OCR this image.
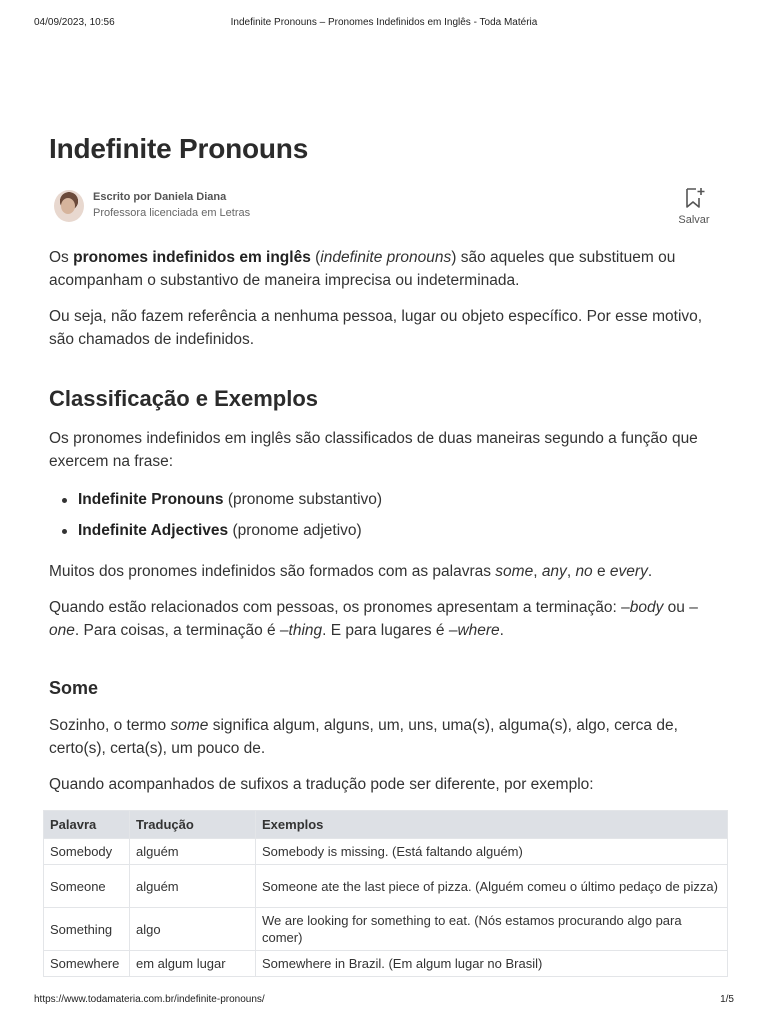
04/09/2023, 10:56	Indefinite Pronouns – Pronomes Indefinidos em Inglês - Toda Matéria
Indefinite Pronouns
Escrito por Daniela Diana
Professora licenciada em Letras
Salvar

Os pronomes indefinidos em inglês (indefinite pronouns) são aqueles que substituem ou acompanham o substantivo de maneira imprecisa ou indeterminada.

Ou seja, não fazem referência a nenhuma pessoa, lugar ou objeto específico. Por esse motivo, são chamados de indefinidos.

Classificação e Exemplos

Os pronomes indefinidos em inglês são classificados de duas maneiras segundo a função que exercem na frase:

Indefinite Pronouns (pronome substantivo)
Indefinite Adjectives (pronome adjetivo)

Muitos dos pronomes indefinidos são formados com as palavras some, any, no e every.

Quando estão relacionados com pessoas, os pronomes apresentam a terminação: –body ou –one. Para coisas, a terminação é –thing. E para lugares é –where.

Some

Sozinho, o termo some significa algum, alguns, um, uns, uma(s), alguma(s), algo, cerca de, certo(s), certa(s), um pouco de.

Quando acompanhados de sufixos a tradução pode ser diferente, por exemplo:

Palavra	Tradução	Exemplos
Somebody	alguém	Somebody is missing. (Está faltando alguém)
Someone	alguém	Someone ate the last piece of pizza. (Alguém comeu o último pedaço de pizza)
Something	algo	We are looking for something to eat. (Nós estamos procurando algo para comer)
Somewhere	em algum lugar	Somewhere in Brazil. (Em algum lugar no Brasil)
https://www.todamateria.com.br/indefinite-pronouns/	1/5
